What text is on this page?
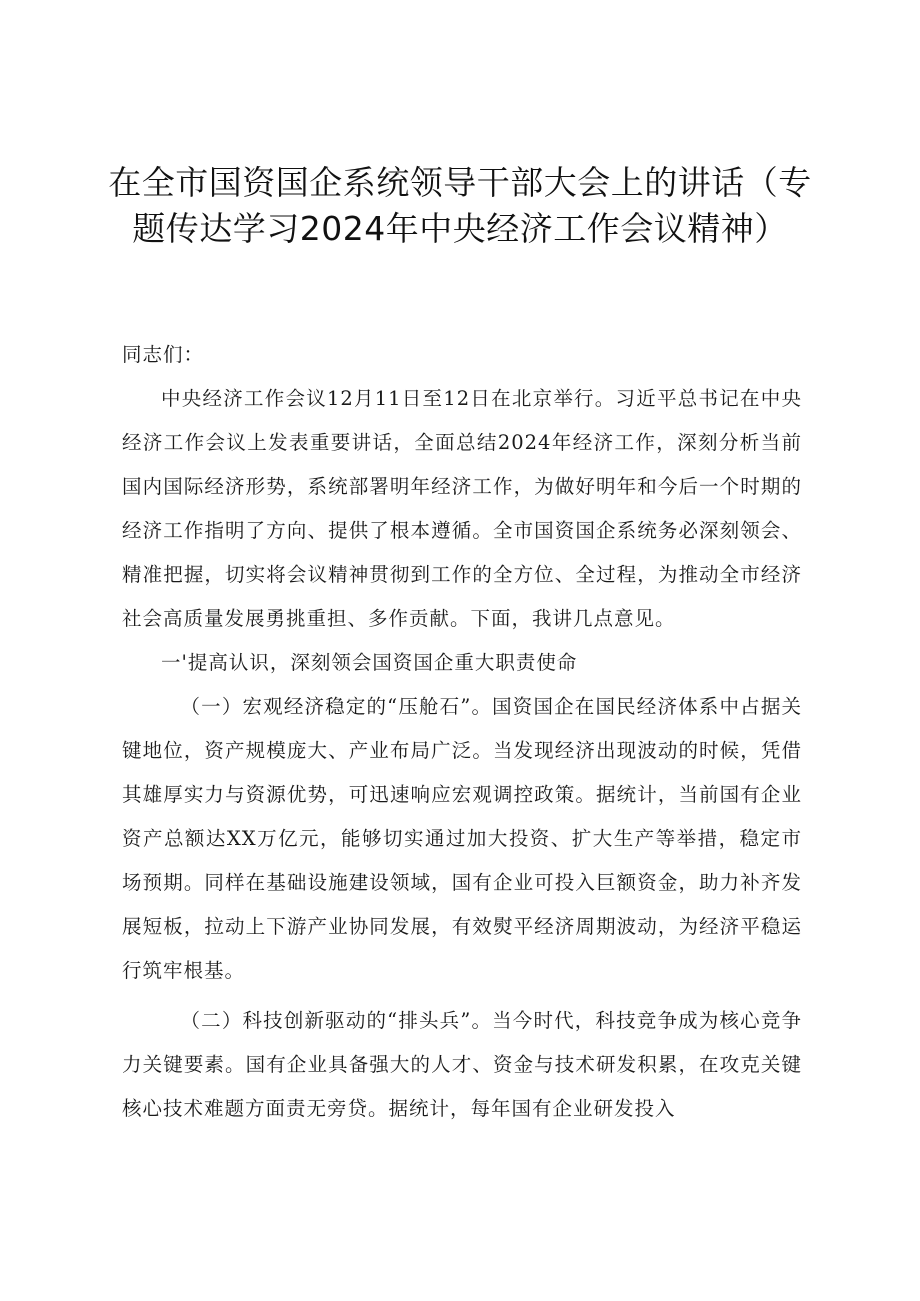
在全市国资国企系统领导干部大会上的讲话（专题传达学习2024年中央经济工作会议精神）

同志们：

中央经济工作会议12月11日至12日在北京举行。习近平总书记在中央经济工作会议上发表重要讲话，全面总结2024年经济工作，深刻分析当前国内国际经济形势，系统部署明年经济工作，为做好明年和今后一个时期的经济工作指明了方向、提供了根本遵循。全市国资国企系统务必深刻领会、精准把握，切实将会议精神贯彻到工作的全方位、全过程，为推动全市经济社会高质量发展勇挑重担、多作贡献。下面，我讲几点意见。

一'提高认识，深刻领会国资国企重大职责使命

（一）宏观经济稳定的“压舱石”。国资国企在国民经济体系中占据关键地位，资产规模庞大、产业布局广泛。当发现经济出现波动的时候，凭借其雄厚实力与资源优势，可迅速响应宏观调控政策。据统计，当前国有企业资产总额达XX万亿元，能够切实通过加大投资、扩大生产等举措，稳定市场预期。同样在基础设施建设领域，国有企业可投入巨额资金，助力补齐发展短板，拉动上下游产业协同发展，有效熨平经济周期波动，为经济平稳运行筑牢根基。

（二）科技创新驱动的“排头兵”。当今时代，科技竞争成为核心竞争力关键要素。国有企业具备强大的人才、资金与技术研发积累，在攻克关键核心技术难题方面责无旁贷。据统计，每年国有企业研发投入
